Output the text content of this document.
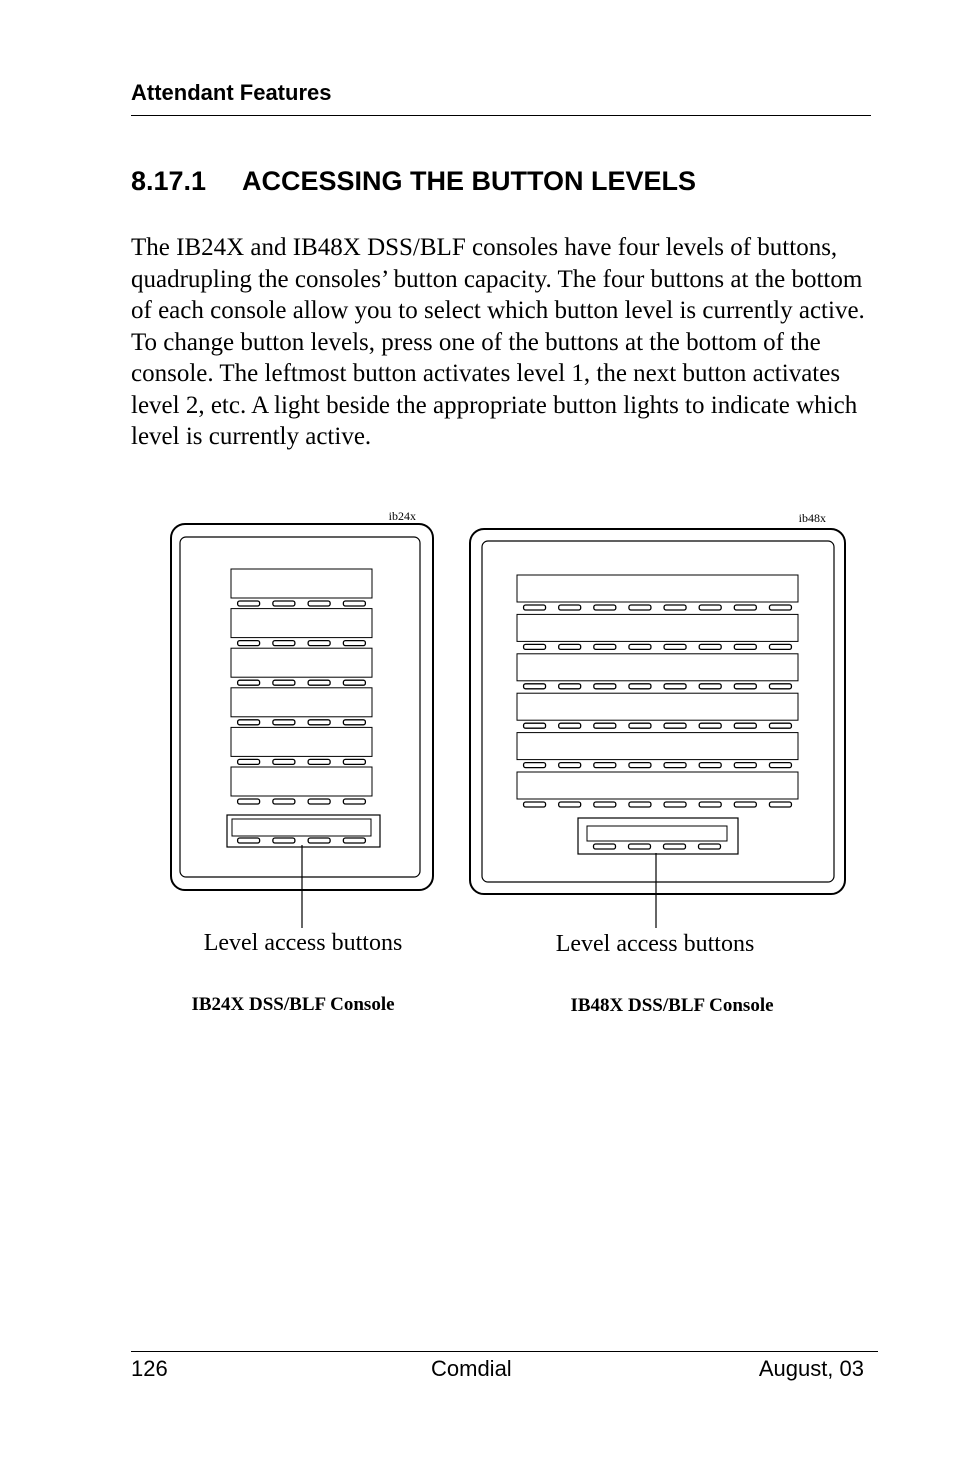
Attendant Features
8.17.1 ACCESSING THE BUTTON LEVELS

The IB24X and IB48X DSS/BLF consoles have four levels of buttons, quadrupling the consoles’ button capacity. The four buttons at the bottom of each console allow you to select which button level is currently active. To change button levels, press one of the buttons at the bottom of the console. The leftmost button activates level 1, the next button activates level 2, etc. A light beside the appropriate button lights to indicate which level is currently active.

ib24x
Level access buttons
IB24X DSS/BLF Console
ib48x
Level access buttons
IB48X DSS/BLF Console
126	Comdial	August, 03
